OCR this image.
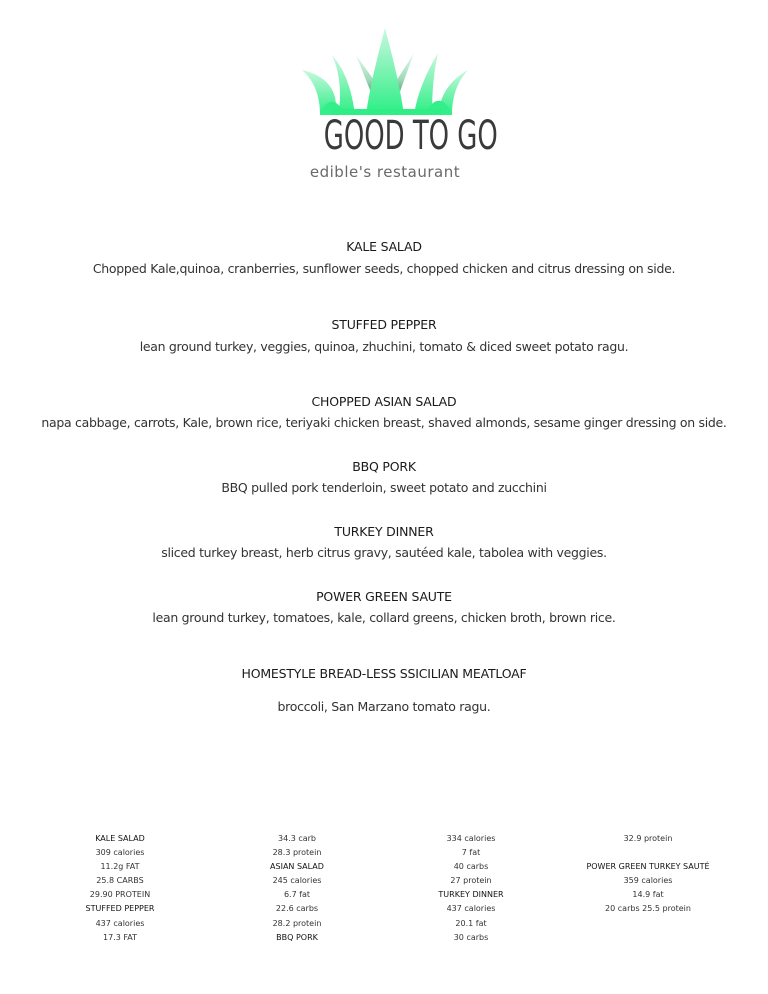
GOOD TO GO
edible's restaurant
KALE SALAD
Chopped Kale,quinoa, cranberries, sunflower seeds, chopped chicken and citrus dressing on side.
STUFFED PEPPER
lean ground turkey, veggies, quinoa, zhuchini, tomato & diced sweet potato ragu.
CHOPPED ASIAN SALAD
napa cabbage, carrots, Kale, brown rice, teriyaki chicken breast, shaved almonds, sesame ginger dressing on side.
BBQ PORK
BBQ pulled pork tenderloin, sweet potato and zucchini
TURKEY DINNER
sliced turkey breast, herb citrus gravy, sautéed kale, tabolea with veggies.
POWER GREEN SAUTE
lean ground turkey, tomatoes, kale, collard greens, chicken broth, brown rice.
HOMESTYLE BREAD-LESS SSICILIAN MEATLOAF
broccoli, San Marzano tomato ragu.
KALE SALAD
309 calories
11.2g FAT
25.8 CARBS
29.90 PROTEIN
STUFFED PEPPER
437 calories
17.3 FAT
34.3 carb
28.3 protein
ASIAN SALAD
245 calories
6.7 fat
22.6 carbs
28.2 protein
BBQ PORK
334 calories
7 fat
40 carbs
27 protein
TURKEY DINNER
437 calories
20.1 fat
30 carbs
32.9 protein
POWER GREEN TURKEY SAUTÉ
359 calories
14.9 fat
20 carbs 25.5 protein
